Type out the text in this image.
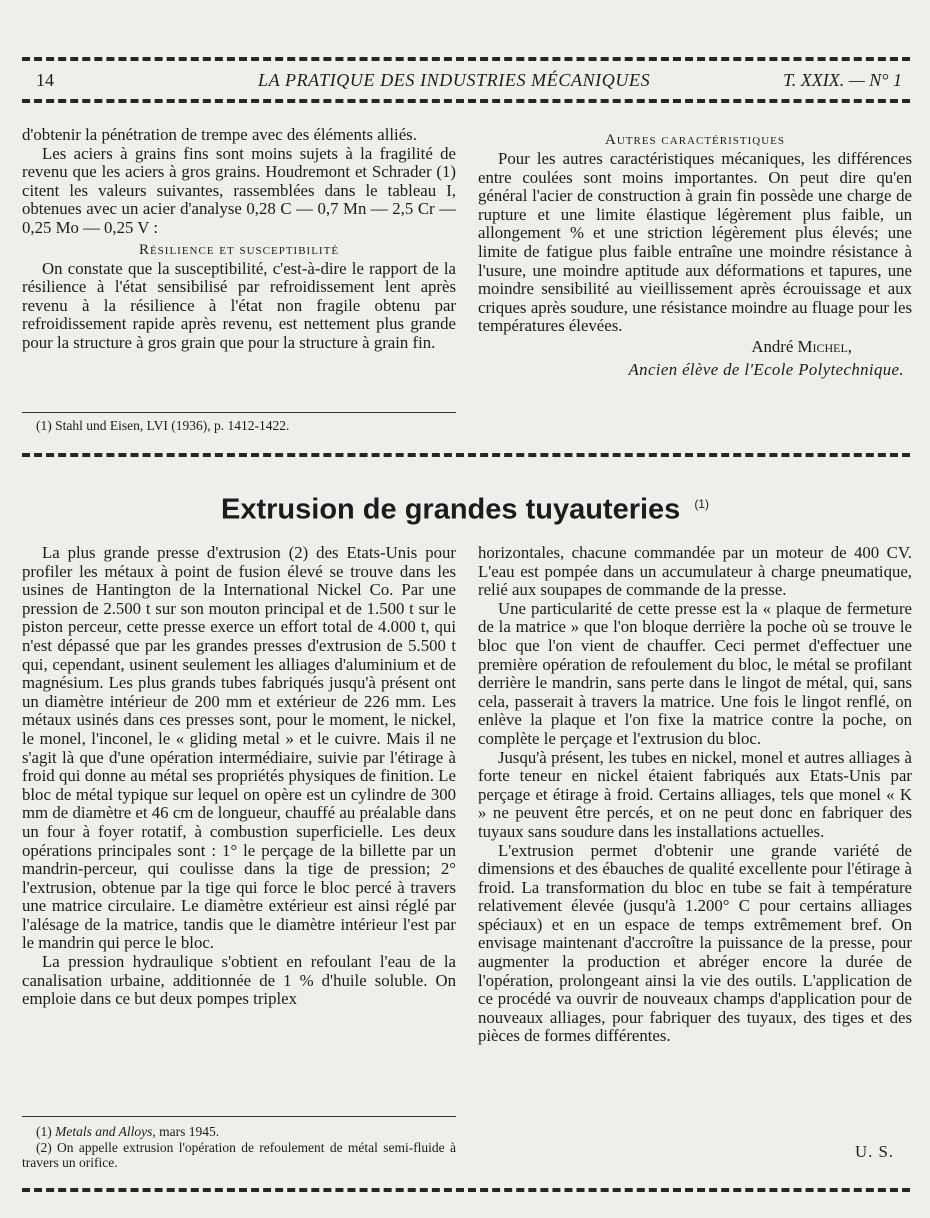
14	LA PRATIQUE DES INDUSTRIES MÉCANIQUES	T. XXIX. — N° 1

d'obtenir la pénétration de trempe avec des éléments alliés.

Les aciers à grains fins sont moins sujets à la fragilité de revenu que les aciers à gros grains. Houdremont et Schrader (1) citent les valeurs suivantes, rassemblées dans le tableau I, obtenues avec un acier d'analyse 0,28 C — 0,7 Mn — 2,5 Cr — 0,25 Mo — 0,25 V :

Résilience et susceptibilité

On constate que la susceptibilité, c'est-à-dire le rapport de la résilience à l'état sensibilisé par refroidissement lent après revenu à la résilience à l'état non fragile obtenu par refroidissement rapide après revenu, est nettement plus grande pour la structure à gros grain que pour la structure à grain fin.

(1) Stahl und Eisen, LVI (1936), p. 1412-1422.
Autres caractéristiques

Pour les autres caractéristiques mécaniques, les différences entre coulées sont moins importantes. On peut dire qu'en général l'acier de construction à grain fin possède une charge de rupture et une limite élastique légèrement plus faible, un allongement % et une striction légèrement plus élevés; une limite de fatigue plus faible entraîne une moindre résistance à l'usure, une moindre aptitude aux déformations et tapures, une moindre sensibilité au vieillissement après écrouissage et aux criques après soudure, une résistance moindre au fluage pour les températures élevées.

André Michel,
Ancien élève de l'Ecole Polytechnique.
Extrusion de grandes tuyauteries $^{(1)}$

La plus grande presse d'extrusion (2) des Etats-Unis pour profiler les métaux à point de fusion élevé se trouve dans les usines de Hantington de la International Nickel Co. Par une pression de 2.500 t sur son mouton principal et de 1.500 t sur le piston perceur, cette presse exerce un effort total de 4.000 t, qui n'est dépassé que par les grandes presses d'extrusion de 5.500 t qui, cependant, usinent seulement les alliages d'aluminium et de magnésium. Les plus grands tubes fabriqués jusqu'à présent ont un diamètre intérieur de 200 mm et extérieur de 226 mm. Les métaux usinés dans ces presses sont, pour le moment, le nickel, le monel, l'inconel, le « gliding metal » et le cuivre. Mais il ne s'agit là que d'une opération intermédiaire, suivie par l'étirage à froid qui donne au métal ses propriétés physiques de finition. Le bloc de métal typique sur lequel on opère est un cylindre de 300 mm de diamètre et 46 cm de longueur, chauffé au préalable dans un four à foyer rotatif, à combustion superficielle. Les deux opérations principales sont : 1° le perçage de la billette par un mandrin-perceur, qui coulisse dans la tige de pression; 2° l'extrusion, obtenue par la tige qui force le bloc percé à travers une matrice circulaire. Le diamètre extérieur est ainsi réglé par l'alésage de la matrice, tandis que le diamètre intérieur l'est par le mandrin qui perce le bloc.

La pression hydraulique s'obtient en refoulant l'eau de la canalisation urbaine, additionnée de 1 % d'huile soluble. On emploie dans ce but deux pompes triplex

(1) Metals and Alloys, mars 1945.

(2) On appelle extrusion l'opération de refoulement de métal semi-fluide à travers un orifice.

horizontales, chacune commandée par un moteur de 400 CV. L'eau est pompée dans un accumulateur à charge pneumatique, relié aux soupapes de commande de la presse.

Une particularité de cette presse est la « plaque de fermeture de la matrice » que l'on bloque derrière la poche où se trouve le bloc que l'on vient de chauffer. Ceci permet d'effectuer une première opération de refoulement du bloc, le métal se profilant derrière le mandrin, sans perte dans le lingot de métal, qui, sans cela, passerait à travers la matrice. Une fois le lingot renflé, on enlève la plaque et l'on fixe la matrice contre la poche, on complète le perçage et l'extrusion du bloc.

Jusqu'à présent, les tubes en nickel, monel et autres alliages à forte teneur en nickel étaient fabriqués aux Etats-Unis par perçage et étirage à froid. Certains alliages, tels que monel « K » ne peuvent être percés, et on ne peut donc en fabriquer des tuyaux sans soudure dans les installations actuelles.

L'extrusion permet d'obtenir une grande variété de dimensions et des ébauches de qualité excellente pour l'étirage à froid. La transformation du bloc en tube se fait à température relativement élevée (jusqu'à 1.200° C pour certains alliages spéciaux) et en un espace de temps extrêmement bref. On envisage maintenant d'accroître la puissance de la presse, pour augmenter la production et abréger encore la durée de l'opération, prolongeant ainsi la vie des outils. L'application de ce procédé va ouvrir de nouveaux champs d'application pour de nouveaux alliages, pour fabriquer des tuyaux, des tiges et des pièces de formes différentes.

U. S.
